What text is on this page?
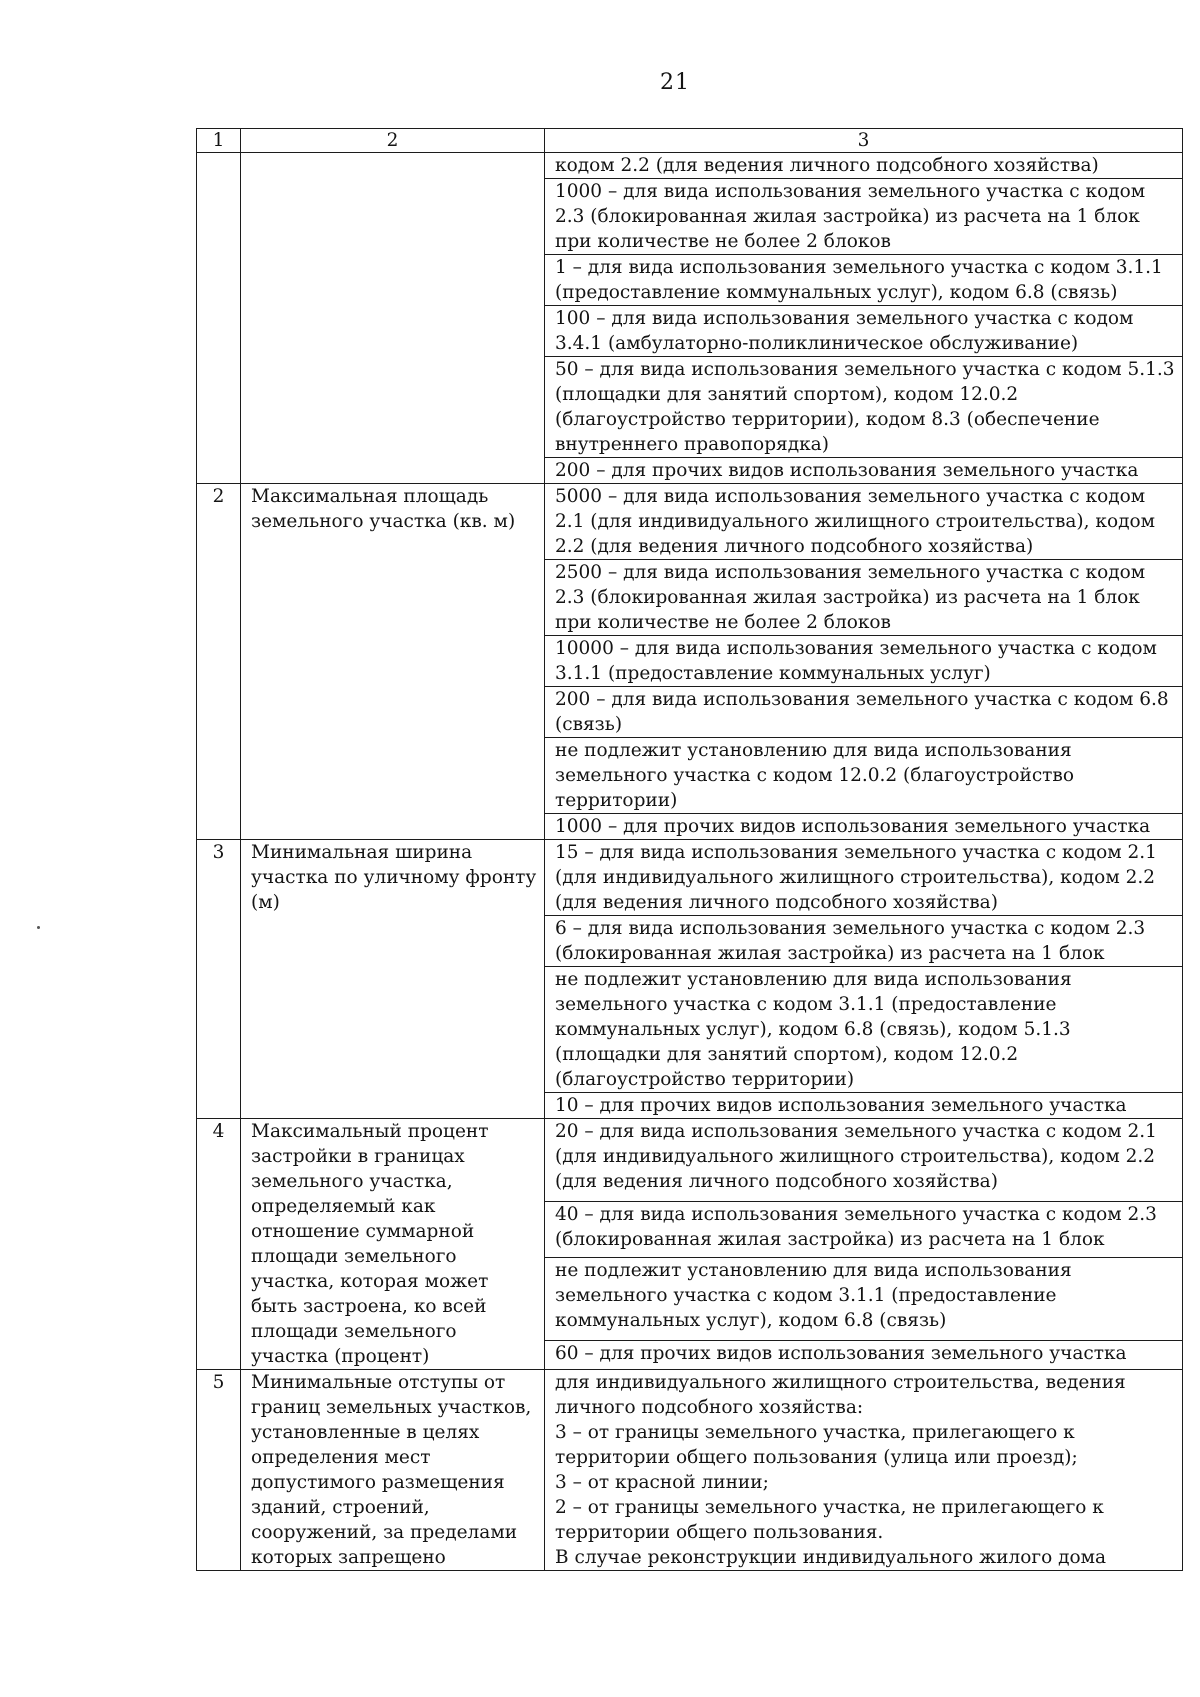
21
1	2	3
		кодом 2.2 (для ведения личного подсобного хозяйства)
		1000 – для вида использования земельного участка с кодом 2.3 (блокированная жилая застройка) из расчета на 1 блок при количестве не более 2 блоков
		1 – для вида использования земельного участка с кодом 3.1.1 (предоставление коммунальных услуг), кодом 6.8 (связь)
		100 – для вида использования земельного участка с кодом 3.4.1 (амбулаторно-поликлиническое обслуживание)
		50 – для вида использования земельного участка с кодом 5.1.3 (площадки для занятий спортом), кодом 12.0.2 (благоустройство территории), кодом 8.3 (обеспечение внутреннего правопорядка)
		200 – для прочих видов использования земельного участка
2	Максимальная площадь земельного участка (кв. м)	5000 – для вида использования земельного участка с кодом 2.1 (для индивидуального жилищного строительства), кодом 2.2 (для ведения личного подсобного хозяйства)
		2500 – для вида использования земельного участка с кодом 2.3 (блокированная жилая застройка) из расчета на 1 блок при количестве не более 2 блоков
		10000 – для вида использования земельного участка с кодом 3.1.1 (предоставление коммунальных услуг)
		200 – для вида использования земельного участка с кодом 6.8 (связь)
		не подлежит установлению для вида использования земельного участка с кодом 12.0.2 (благоустройство территории)
		1000 – для прочих видов использования земельного участка
3	Минимальная ширина участка по уличному фронту (м)	15 – для вида использования земельного участка с кодом 2.1 (для индивидуального жилищного строительства), кодом 2.2 (для ведения личного подсобного хозяйства)
		6 – для вида использования земельного участка с кодом 2.3 (блокированная жилая застройка) из расчета на 1 блок
		не подлежит установлению для вида использования земельного участка с кодом 3.1.1 (предоставление коммунальных услуг), кодом 6.8 (связь), кодом 5.1.3 (площадки для занятий спортом), кодом 12.0.2 (благоустройство территории)
		10 – для прочих видов использования земельного участка
4	Максимальный процент застройки в границах земельного участка, определяемый как отношение суммарной площади земельного участка, которая может быть застроена, ко всей площади земельного участка (процент)	20 – для вида использования земельного участка с кодом 2.1 (для индивидуального жилищного строительства), кодом 2.2 (для ведения личного подсобного хозяйства)
		40 – для вида использования земельного участка с кодом 2.3 (блокированная жилая застройка) из расчета на 1 блок
		не подлежит установлению для вида использования земельного участка с кодом 3.1.1 (предоставление коммунальных услуг), кодом 6.8 (связь)
		60 – для прочих видов использования земельного участка
5	Минимальные отступы от границ земельных участков, установленные в целях определения мест допустимого размещения зданий, строений, сооружений, за пределами которых запрещено	для индивидуального жилищного строительства, ведения личного подсобного хозяйства:
3 – от границы земельного участка, прилегающего к территории общего пользования (улица или проезд);
3 – от красной линии;
2 – от границы земельного участка, не прилегающего к территории общего пользования.
В случае реконструкции индивидуального жилого дома
